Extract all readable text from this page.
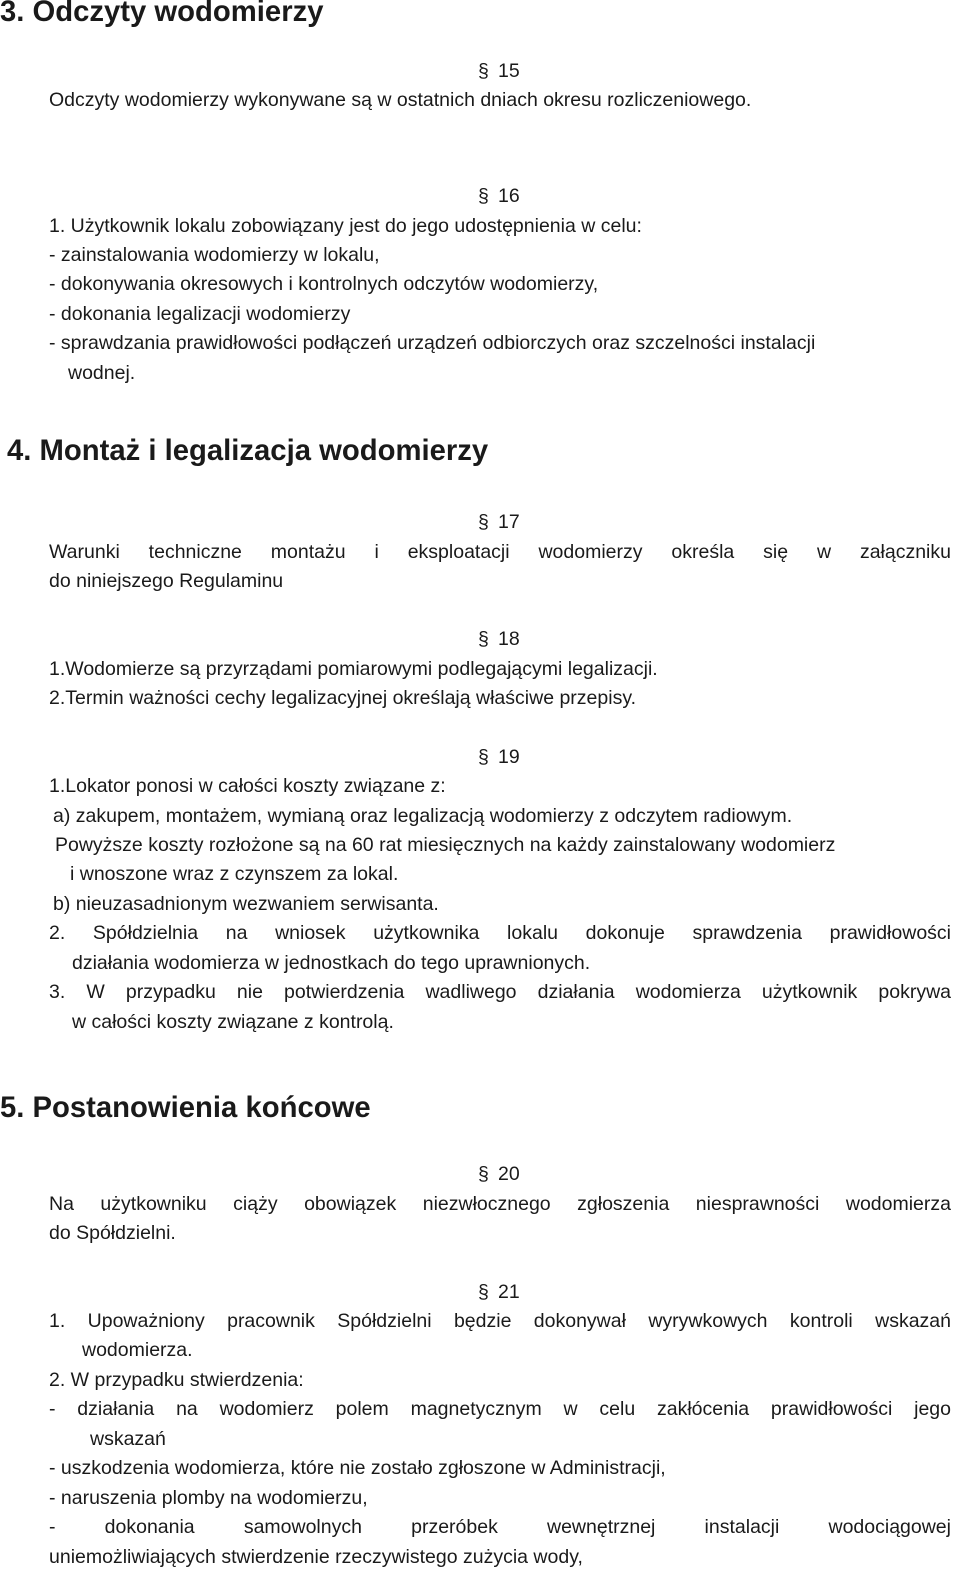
3. Odczyty wodomierzy
§ 15

Odczyty wodomierzy wykonywane są w ostatnich dniach okresu rozliczeniowego.

§ 16

1. Użytkownik lokalu zobowiązany jest do jego udostępnienia w celu:

- zainstalowania wodomierzy w lokalu,

- dokonywania okresowych i kontrolnych odczytów wodomierzy,

- dokonania legalizacji wodomierzy

- sprawdzania prawidłowości podłączeń urządzeń odbiorczych oraz szczelności instalacji

wodnej.

4. Montaż i legalizacja wodomierzy
§ 17

Warunki techniczne montażu i eksploatacji wodomierzy określa się w załączniku

do niniejszego Regulaminu

§ 18

1.Wodomierze są przyrządami pomiarowymi podlegającymi legalizacji.

2.Termin ważności cechy legalizacyjnej określają właściwe przepisy.

§ 19

1.Lokator ponosi w całości koszty związane z:

a) zakupem, montażem, wymianą oraz legalizacją wodomierzy z odczytem radiowym.

Powyższe koszty rozłożone są na 60 rat miesięcznych na każdy zainstalowany wodomierz

i wnoszone wraz z czynszem za lokal.

b) nieuzasadnionym wezwaniem serwisanta.

2. Spółdzielnia na wniosek użytkownika lokalu dokonuje sprawdzenia prawidłowości

działania wodomierza w jednostkach do tego uprawnionych.

3. W przypadku nie potwierdzenia wadliwego działania wodomierza użytkownik pokrywa

w całości koszty związane z kontrolą.

5. Postanowienia końcowe
§ 20

Na użytkowniku ciąży obowiązek niezwłocznego zgłoszenia niesprawności wodomierza

do Spółdzielni.

§ 21

1. Upoważniony pracownik Spółdzielni będzie dokonywał wyrywkowych kontroli wskazań

wodomierza.

2. W przypadku stwierdzenia:

- działania na wodomierz polem magnetycznym w celu zakłócenia prawidłowości jego

wskazań

- uszkodzenia wodomierza, które nie zostało zgłoszone w Administracji,

- naruszenia plomby na wodomierzu,

- dokonania samowolnych przeróbek wewnętrznej instalacji wodociągowej

uniemożliwiających stwierdzenie rzeczywistego zużycia wody,
